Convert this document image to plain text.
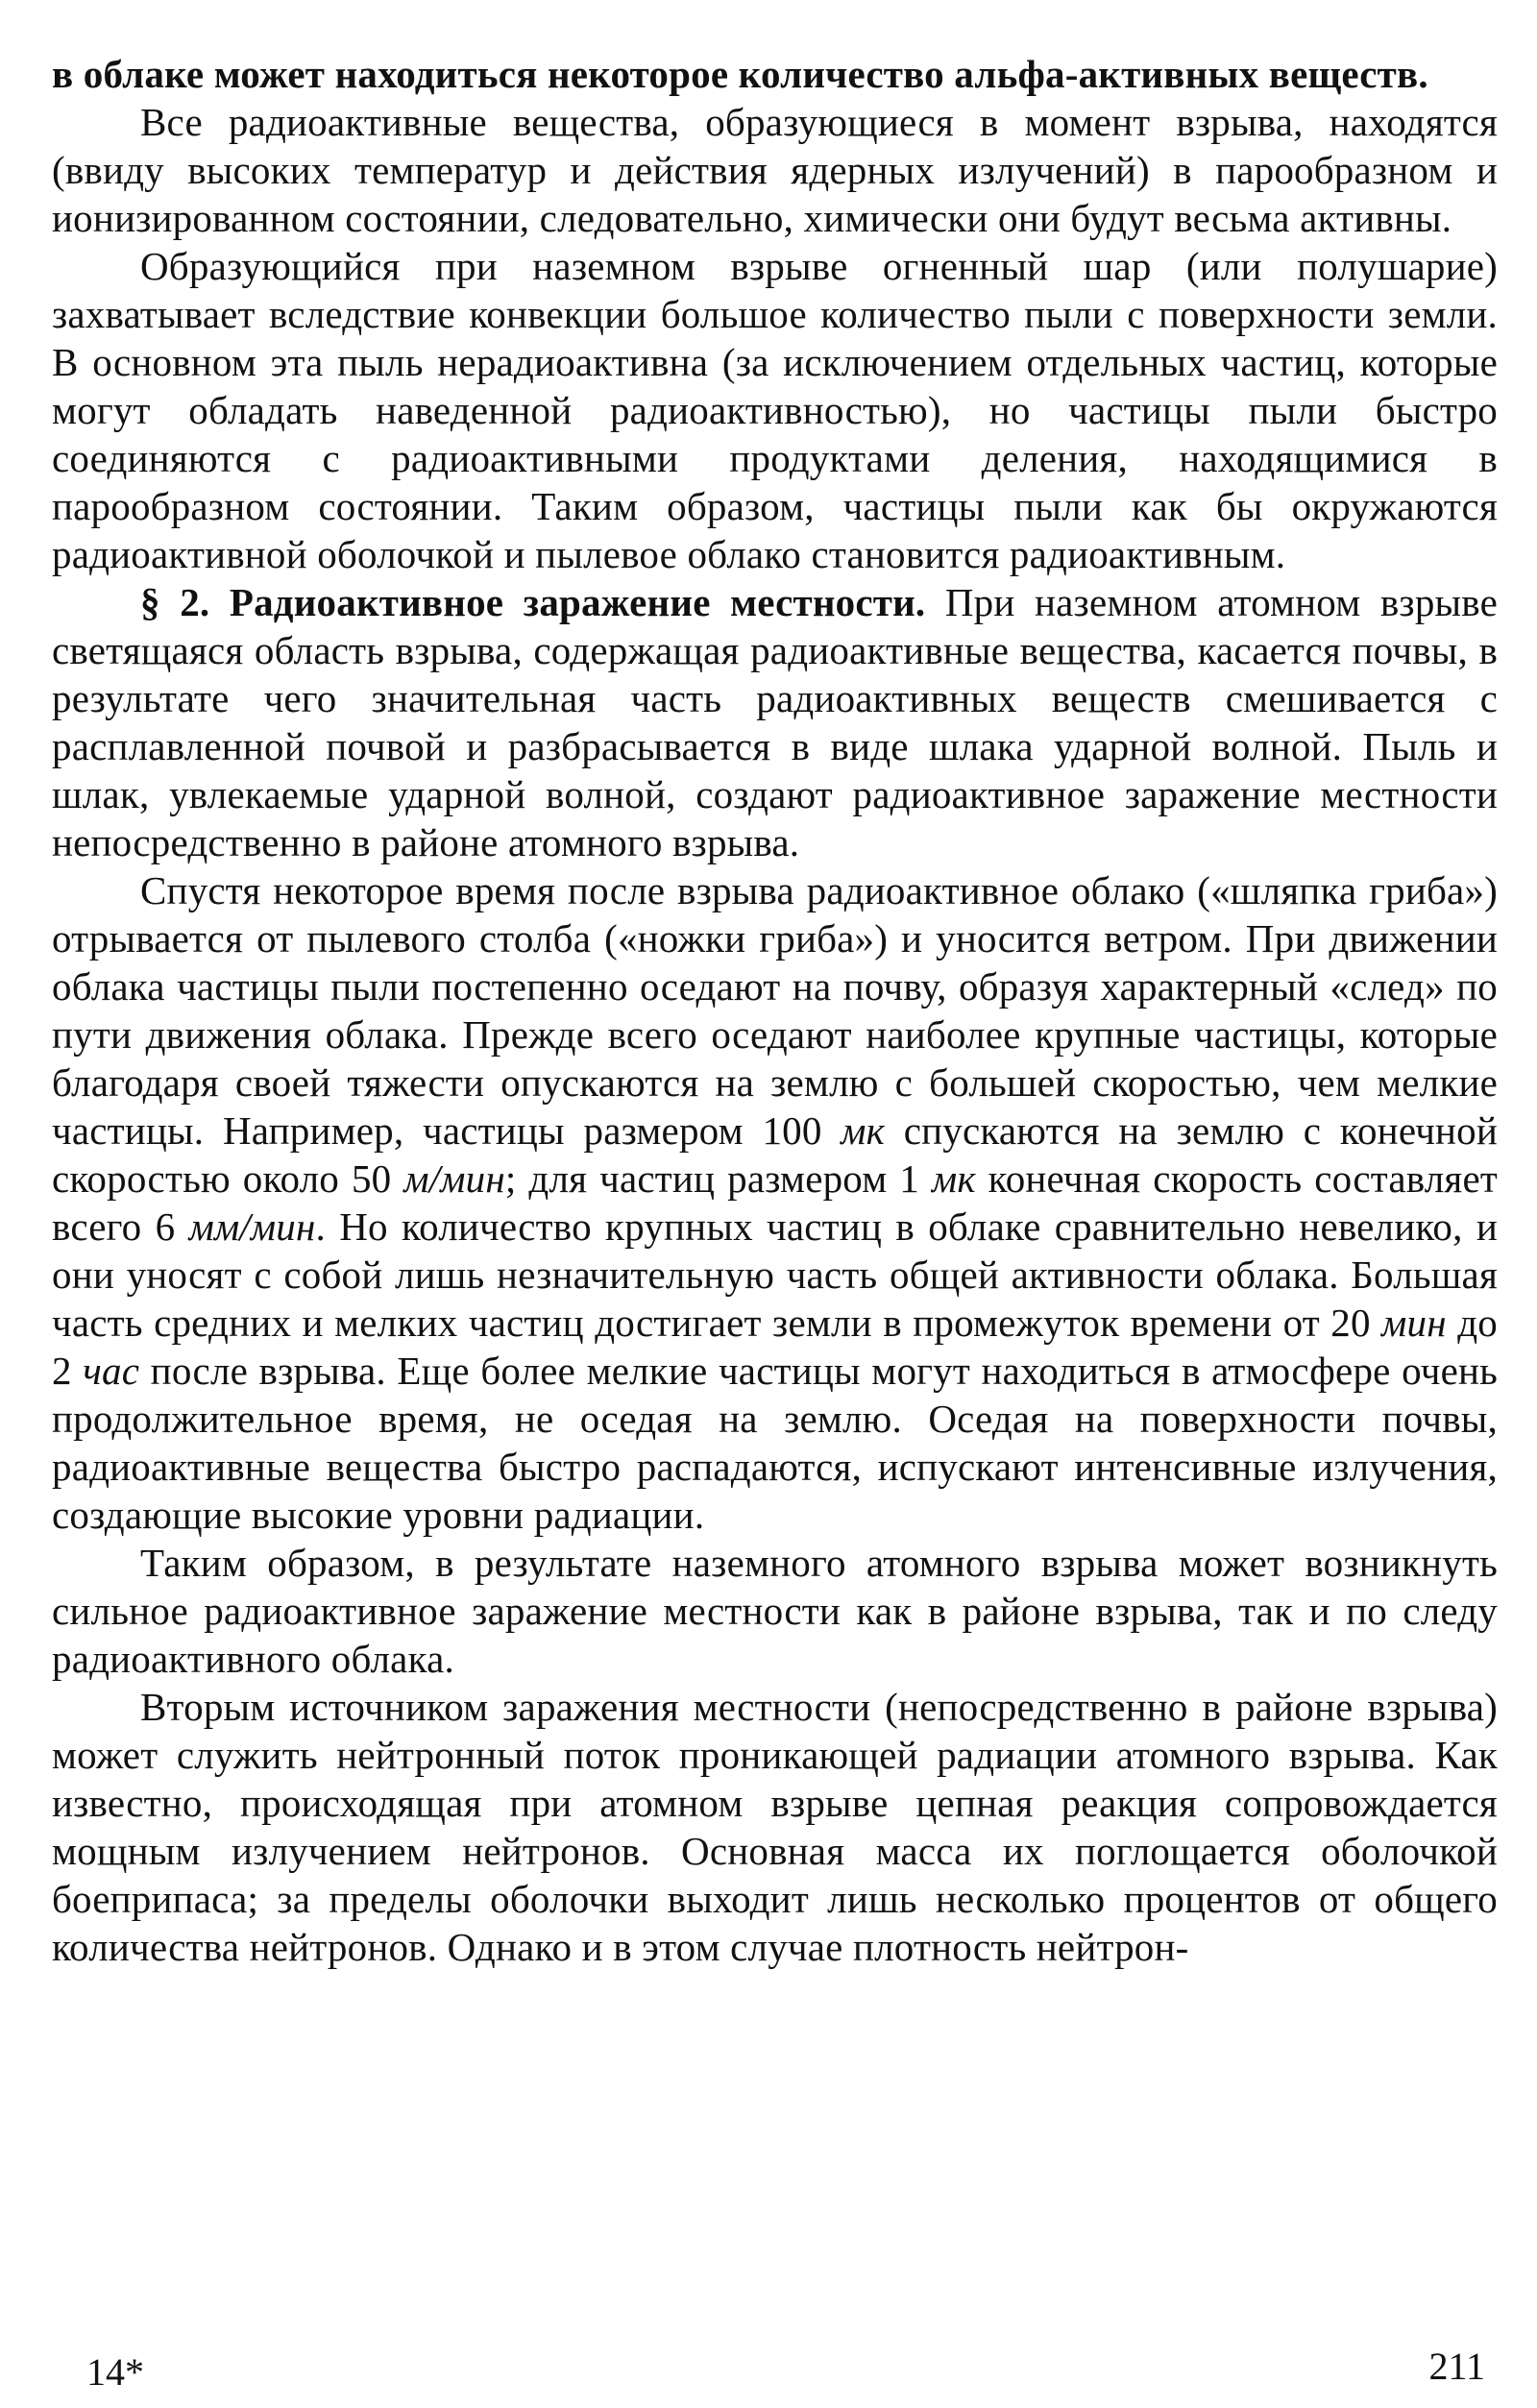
в облаке может находиться некоторое количество альфа-активных веществ.

Все радиоактивные вещества, образующиеся в момент взрыва, находятся (ввиду высоких температур и действия ядерных излучений) в парообразном и ионизированном состоянии, следовательно, химически они будут весьма активны.

Образующийся при наземном взрыве огненный шар (или полушарие) захватывает вследствие конвекции большое количество пыли с поверхности земли. В основном эта пыль нерадиоактивна (за исключением отдельных частиц, которые могут обладать наведенной радиоактивностью), но частицы пыли быстро соединяются с радиоактивными продуктами деления, находящимися в парообразном состоянии. Таким образом, частицы пыли как бы окружаются радиоактивной оболочкой и пылевое облако становится радиоактивным.

§ 2. Радиоактивное заражение местности. При наземном атомном взрыве светящаяся область взрыва, содержащая радиоактивные вещества, касается почвы, в результате чего значительная часть радиоактивных веществ смешивается с расплавленной почвой и разбрасывается в виде шлака ударной волной. Пыль и шлак, увлекаемые ударной волной, создают радиоактивное заражение местности непосредственно в районе атомного взрыва.

Спустя некоторое время после взрыва радиоактивное облако («шляпка гриба») отрывается от пылевого столба («ножки гриба») и уносится ветром. При движении облака частицы пыли постепенно оседают на почву, образуя характерный «след» по пути движения облака. Прежде всего оседают наиболее крупные частицы, которые благодаря своей тяжести опускаются на землю с большей скоростью, чем мелкие частицы. Например, частицы размером 100 мк спускаются на землю с конечной скоростью около 50 м/мин; для частиц размером 1 мк конечная скорость составляет всего 6 мм/мин. Но количество крупных частиц в облаке сравнительно невелико, и они уносят с собой лишь незначительную часть общей активности облака. Большая часть средних и мелких частиц достигает земли в промежуток времени от 20 мин до 2 час после взрыва. Еще более мелкие частицы могут находиться в атмосфере очень продолжительное время, не оседая на землю. Оседая на поверхности почвы, радиоактивные вещества быстро распадаются, испускают интенсивные излучения, создающие высокие уровни радиации.

Таким образом, в результате наземного атомного взрыва может возникнуть сильное радиоактивное заражение местности как в районе взрыва, так и по следу радиоактивного облака.

Вторым источником заражения местности (непосредственно в районе взрыва) может служить нейтронный поток проникающей радиации атомного взрыва. Как известно, происходящая при атомном взрыве цепная реакция сопровождается мощным излучением нейтронов. Основная масса их поглощается оболочкой боеприпаса; за пределы оболочки выходит лишь несколько процентов от общего количества нейтронов. Однако и в этом случае плотность нейтрон-

14*	211
